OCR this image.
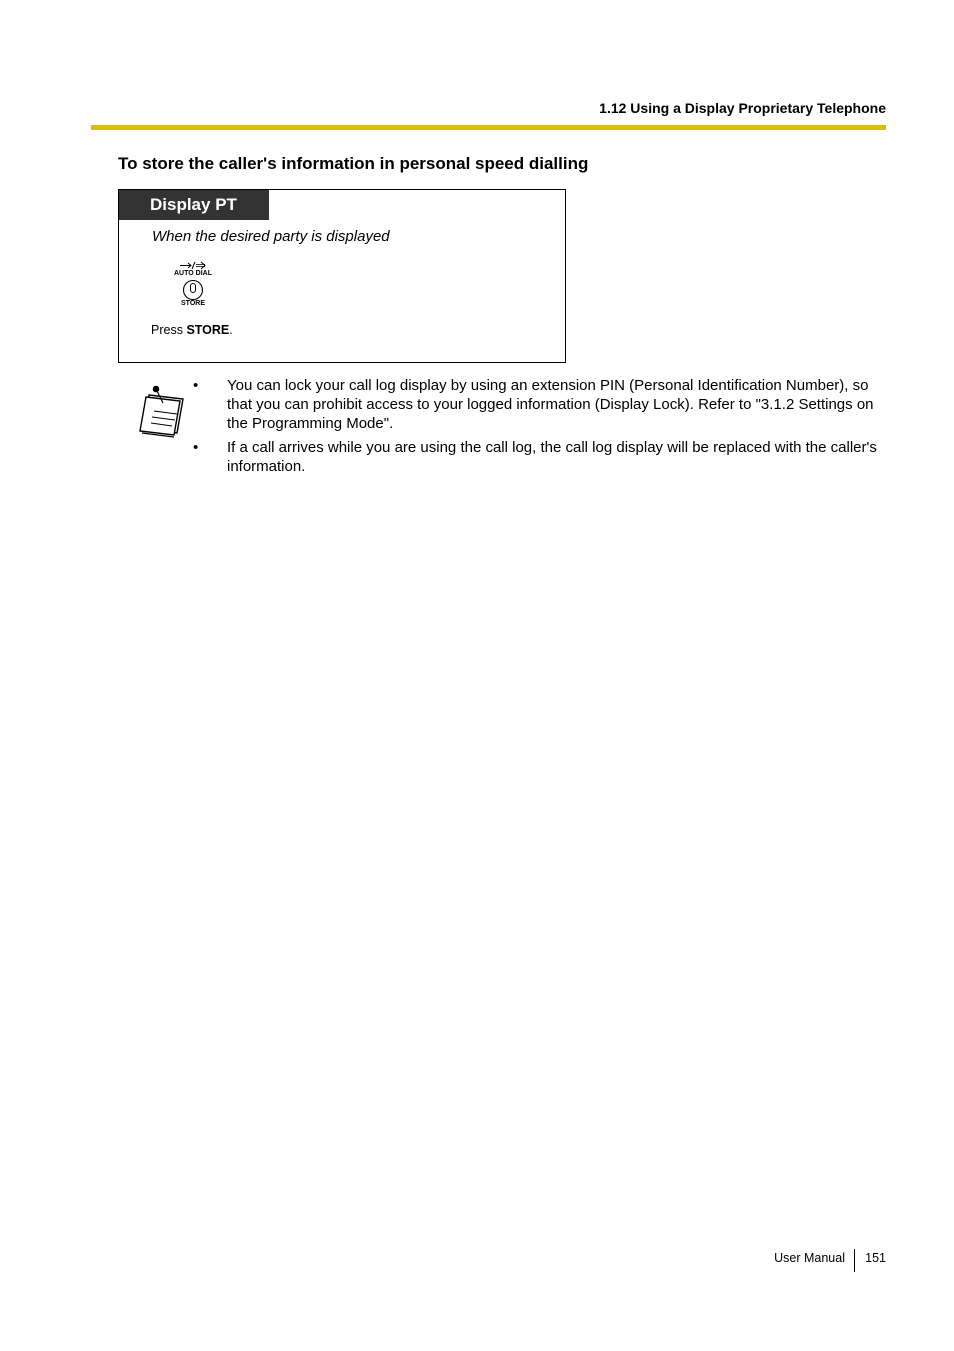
1.12 Using a Display Proprietary Telephone
To store the caller's information in personal speed dialling
Display PT
When the desired party is displayed
AUTO DIAL
STORE
Press STORE.
• You can lock your call log display by using an extension PIN (Personal Identification Number), so that you can prohibit access to your logged information (Display Lock). Refer to "3.1.2 Settings on the Programming Mode".
• If a call arrives while you are using the call log, the call log display will be replaced with the caller's information.
User Manual 151
